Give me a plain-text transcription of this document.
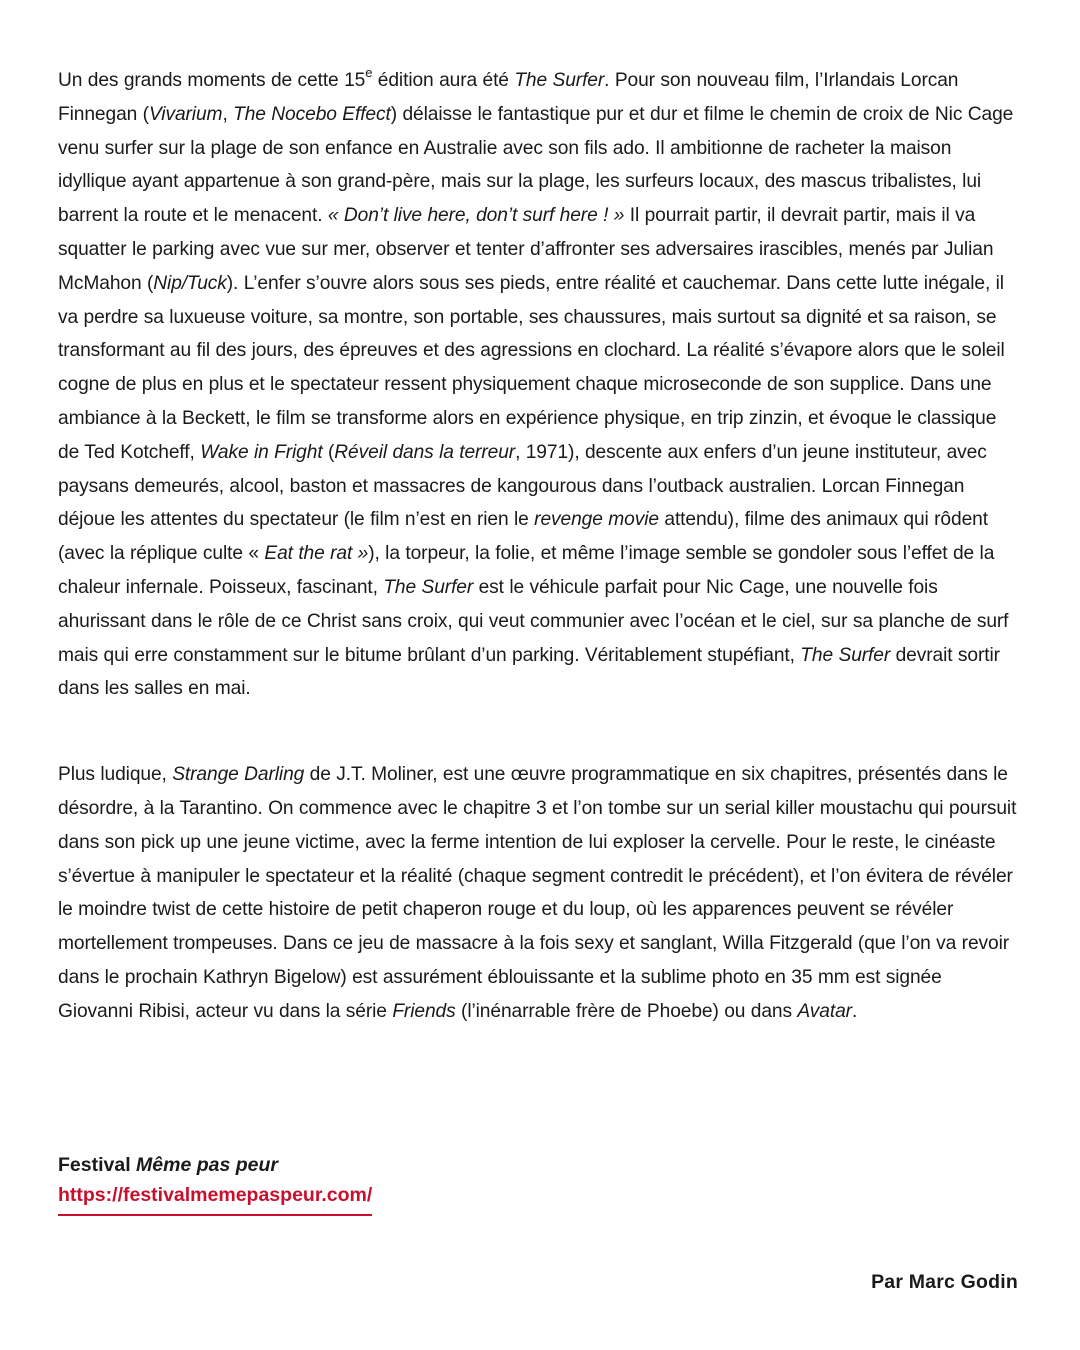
Un des grands moments de cette 15e édition aura été The Surfer. Pour son nouveau film, l’Irlandais Lorcan Finnegan (Vivarium, The Nocebo Effect) délaisse le fantastique pur et dur et filme le chemin de croix de Nic Cage venu surfer sur la plage de son enfance en Australie avec son fils ado. Il ambitionne de racheter la maison idyllique ayant appartenue à son grand-père, mais sur la plage, les surfeurs locaux, des mascus tribalistes, lui barrent la route et le menacent. « Don’t live here, don’t surf here ! » Il pourrait partir, il devrait partir, mais il va squatter le parking avec vue sur mer, observer et tenter d’affronter ses adversaires irascibles, menés par Julian McMahon (Nip/Tuck). L’enfer s’ouvre alors sous ses pieds, entre réalité et cauchemar. Dans cette lutte inégale, il va perdre sa luxueuse voiture, sa montre, son portable, ses chaussures, mais surtout sa dignité et sa raison, se transformant au fil des jours, des épreuves et des agressions en clochard. La réalité s’évapore alors que le soleil cogne de plus en plus et le spectateur ressent physiquement chaque microseconde de son supplice. Dans une ambiance à la Beckett, le film se transforme alors en expérience physique, en trip zinzin, et évoque le classique de Ted Kotcheff, Wake in Fright (Réveil dans la terreur, 1971), descente aux enfers d’un jeune instituteur, avec paysans demeurés, alcool, baston et massacres de kangourous dans l’outback australien. Lorcan Finnegan déjoue les attentes du spectateur (le film n’est en rien le revenge movie attendu), filme des animaux qui rôdent (avec la réplique culte « Eat the rat »), la torpeur, la folie, et même l’image semble se gondoler sous l’effet de la chaleur infernale. Poisseux, fascinant, The Surfer est le véhicule parfait pour Nic Cage, une nouvelle fois ahurissant dans le rôle de ce Christ sans croix, qui veut communier avec l’océan et le ciel, sur sa planche de surf mais qui erre constamment sur le bitume brûlant d’un parking. Véritablement stupéfiant, The Surfer devrait sortir dans les salles en mai.

Plus ludique, Strange Darling de J.T. Moliner, est une œuvre programmatique en six chapitres, présentés dans le désordre, à la Tarantino. On commence avec le chapitre 3 et l’on tombe sur un serial killer moustachu qui poursuit dans son pick up une jeune victime, avec la ferme intention de lui exploser la cervelle. Pour le reste, le cinéaste s’évertue à manipuler le spectateur et la réalité (chaque segment contredit le précédent), et l’on évitera de révéler le moindre twist de cette histoire de petit chaperon rouge et du loup, où les apparences peuvent se révéler mortellement trompeuses. Dans ce jeu de massacre à la fois sexy et sanglant, Willa Fitzgerald (que l’on va revoir dans le prochain Kathryn Bigelow) est assurément éblouissante et la sublime photo en 35 mm est signée Giovanni Ribisi, acteur vu dans la série Friends (l’inénarrable frère de Phoebe) ou dans Avatar.

Festival Même pas peur
https://festivalmemepaspeur.com/
Par Marc Godin
